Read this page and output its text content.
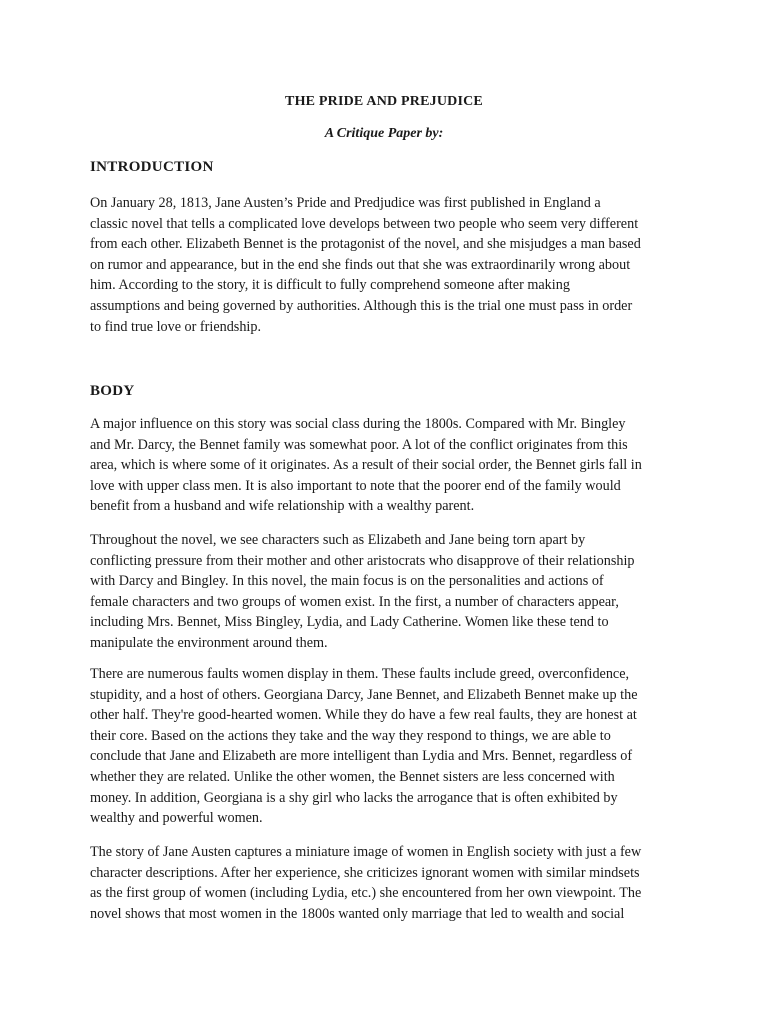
THE PRIDE AND PREJUDICE
A Critique Paper by:
INTRODUCTION

On January 28, 1813, Jane Austen’s Pride and Predjudice was first published in England a
classic novel that tells a complicated love develops between two people who seem very different
from each other. Elizabeth Bennet is the protagonist of the novel, and she misjudges a man based
on rumor and appearance, but in the end she finds out that she was extraordinarily wrong about
him. According to the story, it is difficult to fully comprehend someone after making
assumptions and being governed by authorities. Although this is the trial one must pass in order
to find true love or friendship.

BODY

A major influence on this story was social class during the 1800s. Compared with Mr. Bingley
and Mr. Darcy, the Bennet family was somewhat poor. A lot of the conflict originates from this
area, which is where some of it originates. As a result of their social order, the Bennet girls fall in
love with upper class men. It is also important to note that the poorer end of the family would
benefit from a husband and wife relationship with a wealthy parent.

Throughout the novel, we see characters such as Elizabeth and Jane being torn apart by
conflicting pressure from their mother and other aristocrats who disapprove of their relationship
with Darcy and Bingley. In this novel, the main focus is on the personalities and actions of
female characters and two groups of women exist. In the first, a number of characters appear,
including Mrs. Bennet, Miss Bingley, Lydia, and Lady Catherine. Women like these tend to
manipulate the environment around them.

There are numerous faults women display in them. These faults include greed, overconfidence,
stupidity, and a host of others. Georgiana Darcy, Jane Bennet, and Elizabeth Bennet make up the
other half. They're good-hearted women. While they do have a few real faults, they are honest at
their core. Based on the actions they take and the way they respond to things, we are able to
conclude that Jane and Elizabeth are more intelligent than Lydia and Mrs. Bennet, regardless of
whether they are related. Unlike the other women, the Bennet sisters are less concerned with
money. In addition, Georgiana is a shy girl who lacks the arrogance that is often exhibited by
wealthy and powerful women.

The story of Jane Austen captures a miniature image of women in English society with just a few
character descriptions. After her experience, she criticizes ignorant women with similar mindsets
as the first group of women (including Lydia, etc.) she encountered from her own viewpoint. The
novel shows that most women in the 1800s wanted only marriage that led to wealth and social
